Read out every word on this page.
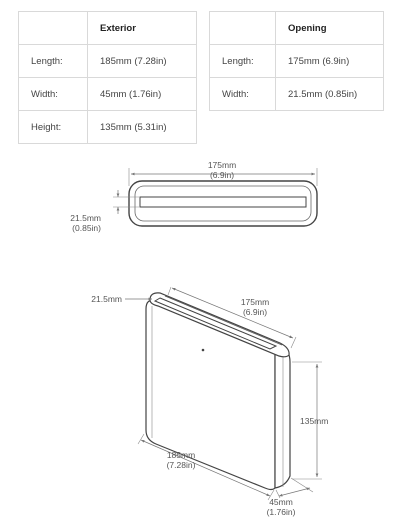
	Exterior
Length:	185mm (7.28in)
Width:	45mm (1.76in)
Height:	135mm (5.31in)
	Opening
Length:	175mm (6.9in)
Width:	21.5mm (0.85in)
175mm
(6.9in)
21.5mm
(0.85in)
21.5mm	175mm
(6.9in)
135mm
185mm
(7.28in)
45mm
(1.76in)
